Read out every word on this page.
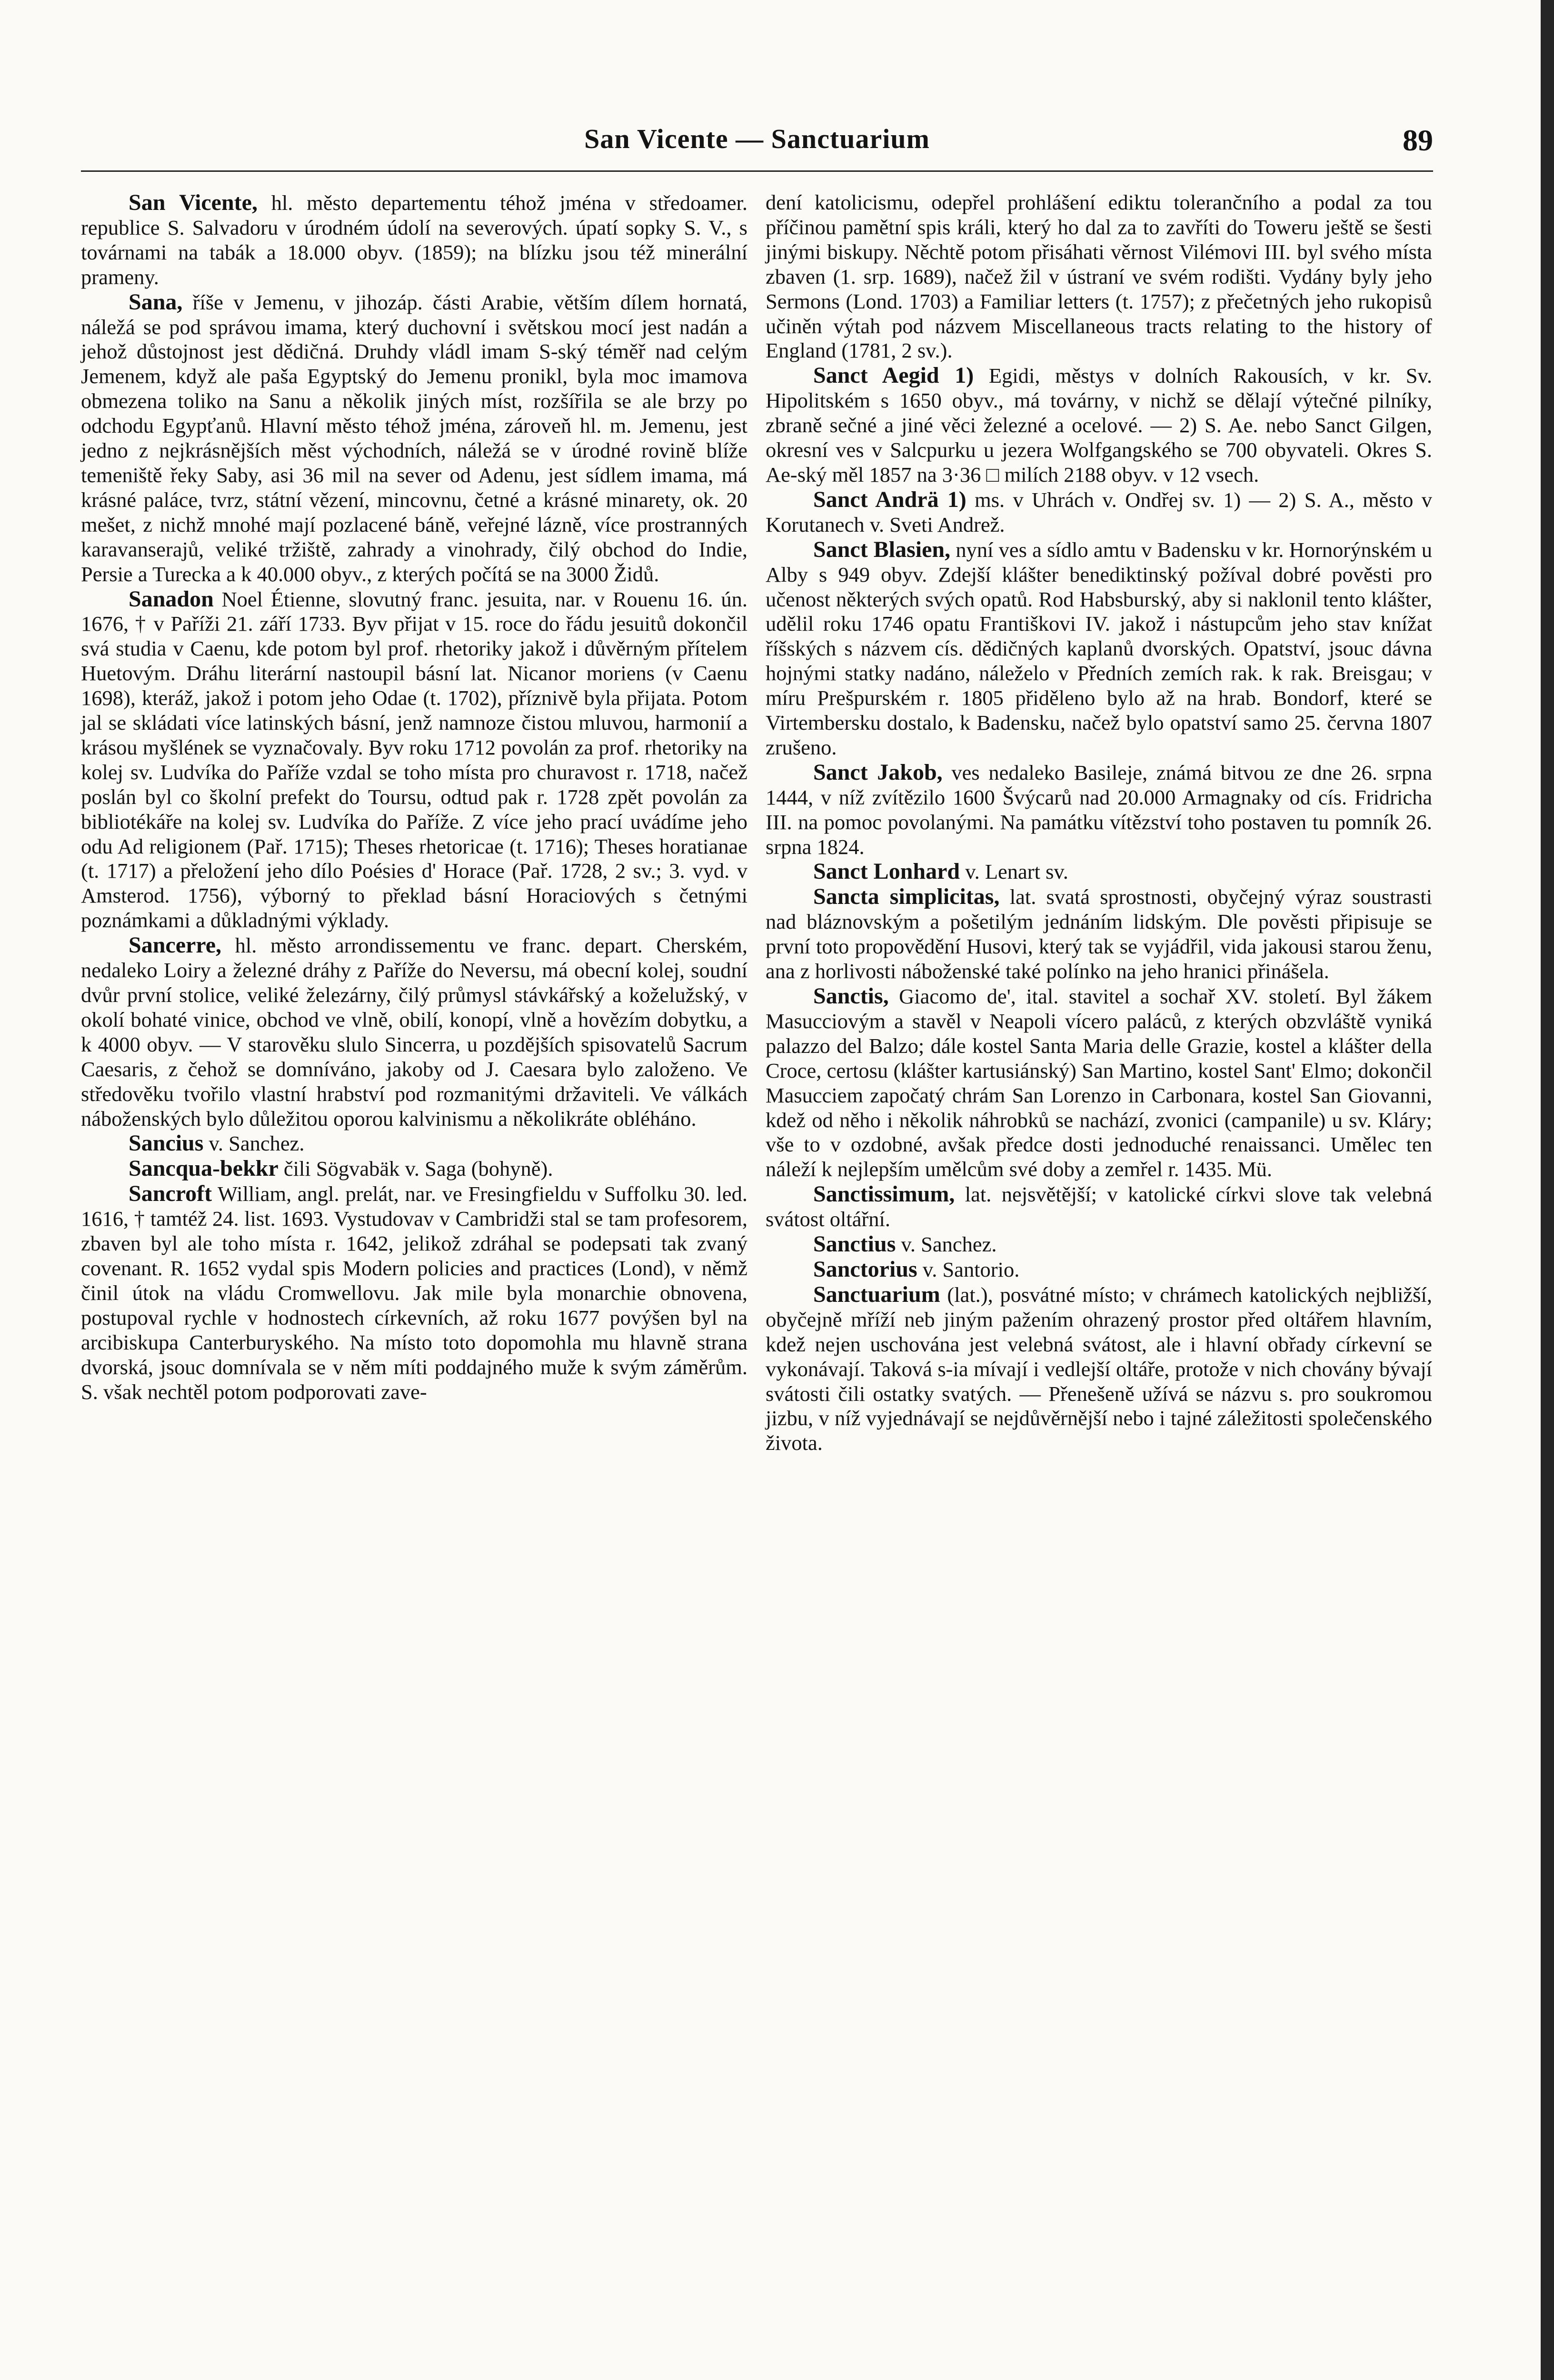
San Vicente — Sanctuarium	89

San Vicente, hl. město departementu téhož jména v středoamer. republice S. Salvadoru v úrodném údolí na severových. úpatí sopky S. V., s továrnami na tabák a 18.000 obyv. (1859); na blízku jsou též minerální prameny.

Sana, říše v Jemenu, v jihozáp. části Arabie, větším dílem hornatá, náležá se pod správou imama, který duchovní i světskou mocí jest nadán a jehož důstojnost jest dědičná. Druhdy vládl imam S-ský téměř nad celým Jemenem, když ale paša Egyptský do Jemenu pronikl, byla moc imamova obmezena toliko na Sanu a několik jiných míst, rozšířila se ale brzy po odchodu Egypťanů. Hlavní město téhož jména, zároveň hl. m. Jemenu, jest jedno z nejkrásnějších měst východních, náležá se v úrodné rovině blíže temeniště řeky Saby, asi 36 mil na sever od Adenu, jest sídlem imama, má krásné paláce, tvrz, státní vězení, mincovnu, četné a krásné minarety, ok. 20 mešet, z nichž mnohé mají pozlacené báně, veřejné lázně, více prostranných karavanserajů, veliké tržiště, zahrady a vinohrady, čilý obchod do Indie, Persie a Turecka a k 40.000 obyv., z kterých počítá se na 3000 Židů.

Sanadon Noel Étienne, slovutný franc. jesuita, nar. v Rouenu 16. ún. 1676, † v Paříži 21. září 1733. Byv přijat v 15. roce do řádu jesuitů dokončil svá studia v Caenu, kde potom byl prof. rhetoriky jakož i důvěrným přítelem Huetovým. Dráhu literární nastoupil básní lat. Nicanor moriens (v Caenu 1698), kteráž, jakož i potom jeho Odae (t. 1702), příznivě byla přijata. Potom jal se skládati více latinských básní, jenž namnoze čistou mluvou, harmonií a krásou myšlének se vyznačovaly. Byv roku 1712 povolán za prof. rhetoriky na kolej sv. Ludvíka do Paříže vzdal se toho místa pro churavost r. 1718, načež poslán byl co školní prefekt do Toursu, odtud pak r. 1728 zpět povolán za bibliotékáře na kolej sv. Ludvíka do Paříže. Z více jeho prací uvádíme jeho odu Ad religionem (Pař. 1715); Theses rhetoricae (t. 1716); Theses horatianae (t. 1717) a přeložení jeho dílo Poésies d' Horace (Pař. 1728, 2 sv.; 3. vyd. v Amsterod. 1756), výborný to překlad básní Horaciových s četnými poznámkami a důkladnými výklady.

Sancerre, hl. město arrondissementu ve franc. depart. Cherském, nedaleko Loiry a železné dráhy z Paříže do Neversu, má obecní kolej, soudní dvůr první stolice, veliké železárny, čilý průmysl stávkářský a koželužský, v okolí bohaté vinice, obchod ve vlně, obilí, konopí, vlně a hovězím dobytku, a k 4000 obyv. — V starověku slulo Sincerra, u pozdějších spisovatelů Sacrum Caesaris, z čehož se domníváno, jakoby od J. Caesara bylo založeno. Ve středověku tvořilo vlastní hrabství pod rozmanitými državiteli. Ve válkách náboženských bylo důležitou oporou kalvinismu a několikráte obléháno.

Sancius v. Sanchez.

Sancqua-bekkr čili Sögvabäk v. Saga (bohyně).

Sancroft William, angl. prelát, nar. ve Fresingfieldu v Suffolku 30. led. 1616, † tamtéž 24. list. 1693. Vystudovav v Cambridži stal se tam profesorem, zbaven byl ale toho místa r. 1642, jelikož zdráhal se podepsati tak zvaný covenant. R. 1652 vydal spis Modern policies and practices (Lond), v němž činil útok na vládu Cromwellovu. Jak mile byla monarchie obnovena, postupoval rychle v hodnostech církevních, až roku 1677 povýšen byl na arcibiskupa Canterburyského. Na místo toto dopomohla mu hlavně strana dvorská, jsouc domnívala se v něm míti poddajného muže k svým záměrům. S. však nechtěl potom podporovati zave-

dení katolicismu, odepřel prohlášení ediktu tolerančního a podal za tou příčinou pamětní spis králi, který ho dal za to zavříti do Toweru ještě se šesti jinými biskupy. Něchtě potom přisáhati věrnost Vilémovi III. byl svého místa zbaven (1. srp. 1689), načež žil v ústraní ve svém rodišti. Vydány byly jeho Sermons (Lond. 1703) a Familiar letters (t. 1757); z přečetných jeho rukopisů učiněn výtah pod názvem Miscellaneous tracts relating to the history of England (1781, 2 sv.).

Sanct Aegid 1) Egidi, městys v dolních Rakousích, v kr. Sv. Hipolitském s 1650 obyv., má továrny, v nichž se dělají výtečné pilníky, zbraně sečné a jiné věci železné a ocelové. — 2) S. Ae. nebo Sanct Gilgen, okresní ves v Salcpurku u jezera Wolfgangského se 700 obyvateli. Okres S. Ae-ský měl 1857 na 3·36 □ milích 2188 obyv. v 12 vsech.

Sanct Andrä 1) ms. v Uhrách v. Ondřej sv. 1) — 2) S. A., město v Korutanech v. Sveti Andrež.

Sanct Blasien, nyní ves a sídlo amtu v Badensku v kr. Hornorýnském u Alby s 949 obyv. Zdejší klášter benediktinský požíval dobré pověsti pro učenost některých svých opatů. Rod Habsburský, aby si naklonil tento klášter, udělil roku 1746 opatu Františkovi IV. jakož i nástupcům jeho stav knížat říšských s názvem cís. dědičných kaplanů dvorských. Opatství, jsouc dávna hojnými statky nadáno, náleželo v Předních zemích rak. k rak. Breisgau; v míru Prešpurském r. 1805 přiděleno bylo až na hrab. Bondorf, které se Virtembersku dostalo, k Badensku, načež bylo opatství samo 25. června 1807 zrušeno.

Sanct Jakob, ves nedaleko Basileje, známá bitvou ze dne 26. srpna 1444, v níž zvítězilo 1600 Švýcarů nad 20.000 Armagnaky od cís. Fridricha III. na pomoc povolanými. Na památku vítězství toho postaven tu pomník 26. srpna 1824.

Sanct Lonhard v. Lenart sv.

Sancta simplicitas, lat. svatá sprostnosti, obyčejný výraz soustrasti nad bláznovským a pošetilým jednáním lidským. Dle pověsti připisuje se první toto propovědění Husovi, který tak se vyjádřil, vida jakousi starou ženu, ana z horlivosti náboženské také polínko na jeho hranici přinášela.

Sanctis, Giacomo de', ital. stavitel a sochař XV. století. Byl žákem Masucciovým a stavěl v Neapoli vícero paláců, z kterých obzvláště vyniká palazzo del Balzo; dále kostel Santa Maria delle Grazie, kostel a klášter della Croce, certosu (klášter kartusiánský) San Martino, kostel Sant' Elmo; dokončil Masucciem započatý chrám San Lorenzo in Carbonara, kostel San Giovanni, kdež od něho i několik náhrobků se nachází, zvonici (campanile) u sv. Kláry; vše to v ozdobné, avšak předce dosti jednoduché renaissanci. Umělec ten náleží k nejlepším umělcům své doby a zemřel r. 1435. Mü.

Sanctissimum, lat. nejsvětější; v katolické církvi slove tak velebná svátost oltářní.

Sanctius v. Sanchez.

Sanctorius v. Santorio.

Sanctuarium (lat.), posvátné místo; v chrámech katolických nejbližší, obyčejně mříží neb jiným pažením ohrazený prostor před oltářem hlavním, kdež nejen uschována jest velebná svátost, ale i hlavní obřady církevní se vykonávají. Taková s-ia mívají i vedlejší oltáře, protože v nich chovány bývají svátosti čili ostatky svatých. — Přenešeně užívá se názvu s. pro soukromou jizbu, v níž vyjednávají se nejdůvěrnější nebo i tajné záležitosti společenského života.
